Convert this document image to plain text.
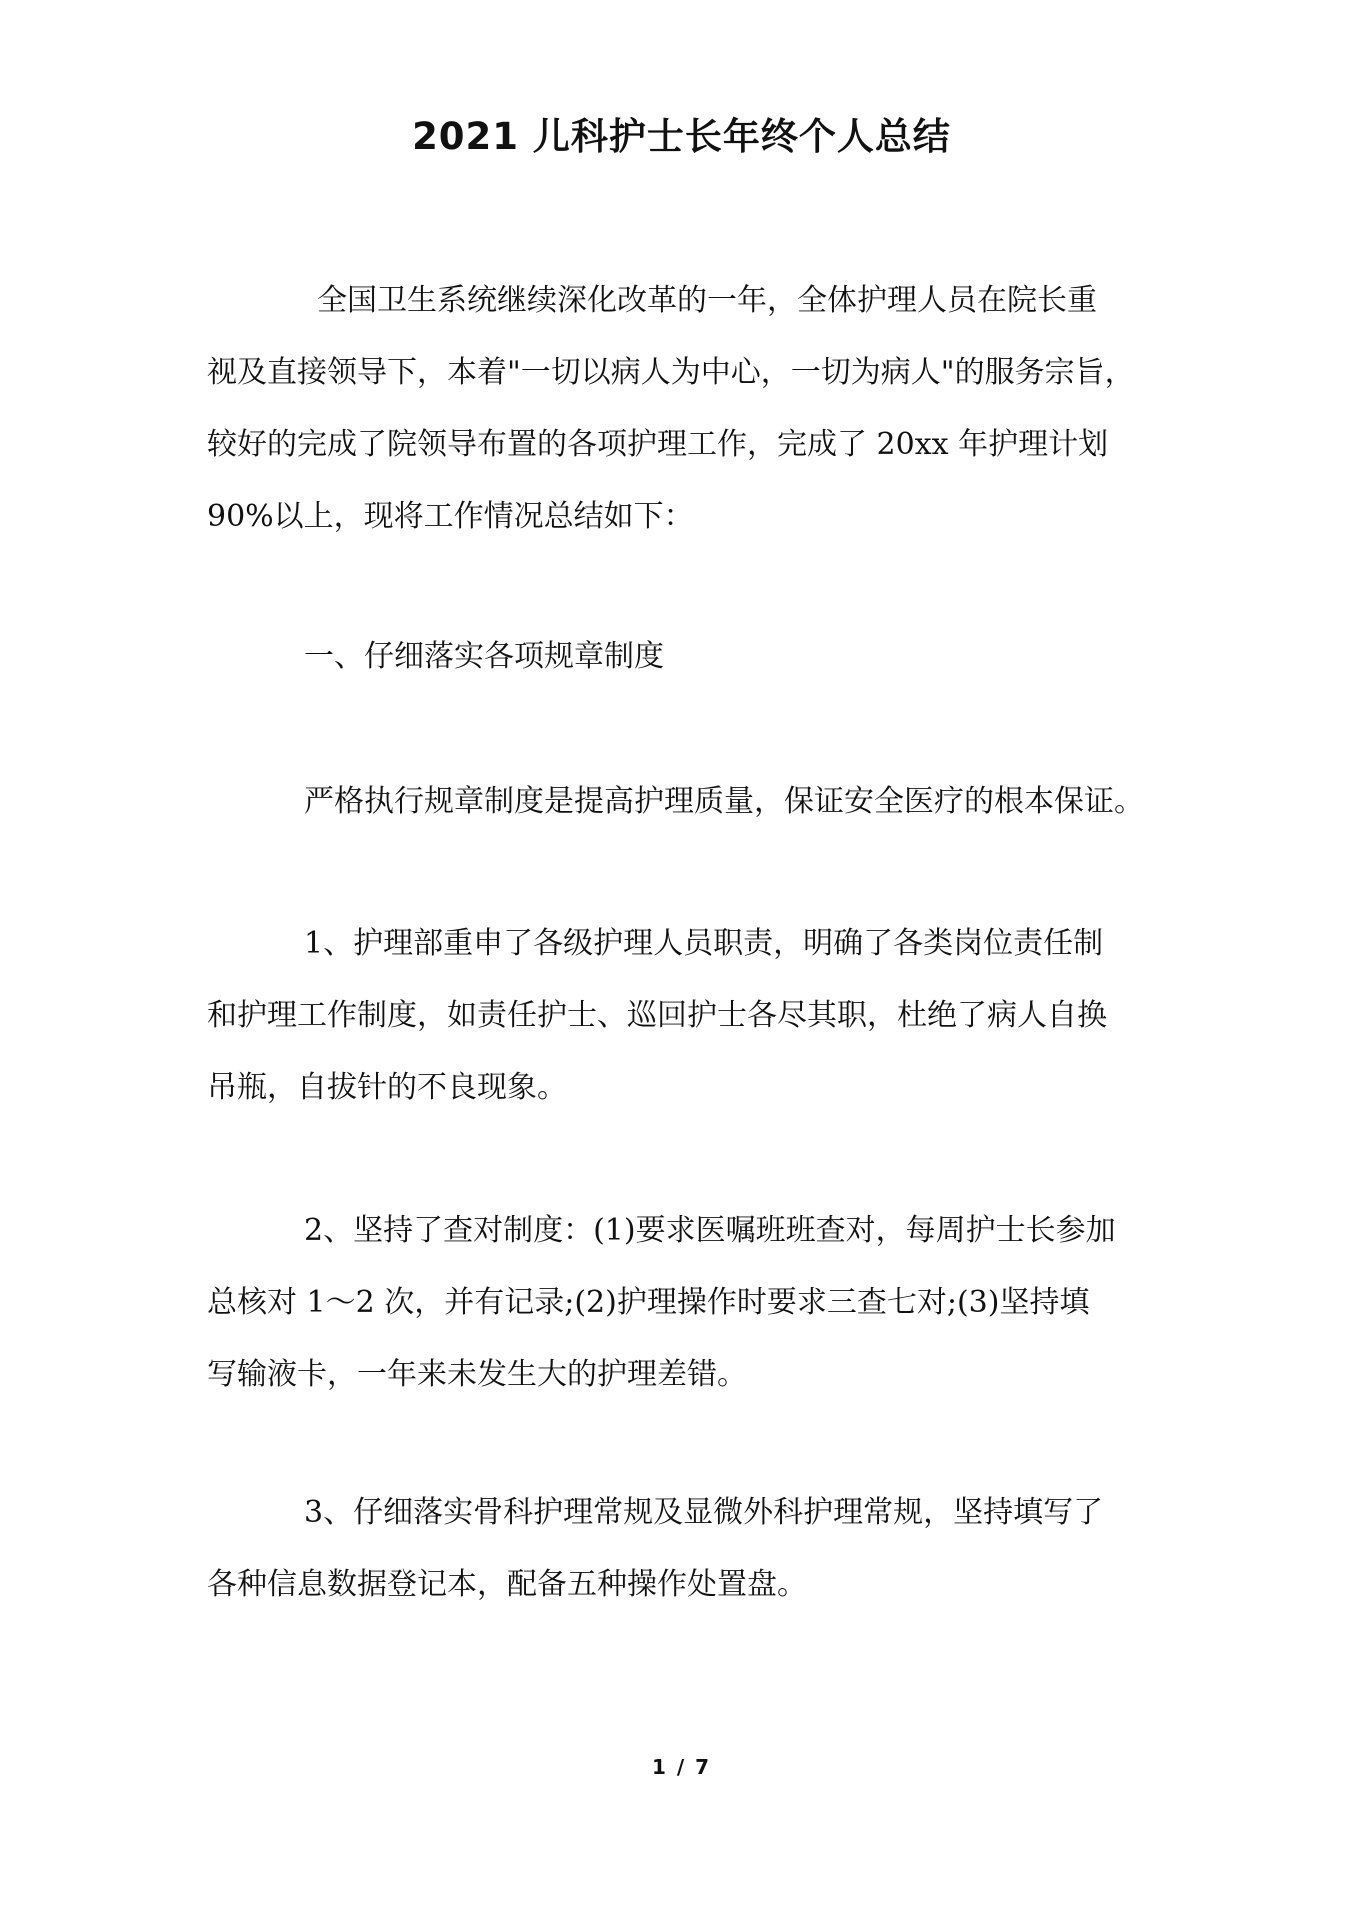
2021 儿科护士长年终个人总结
全国卫生系统继续深化改革的一年，全体护理人员在院长重
视及直接领导下，本着"一切以病人为中心，一切为病人"的服务宗旨，
较好的完成了院领导布置的各项护理工作，完成了 20xx 年护理计划
90%以上，现将工作情况总结如下：
一、仔细落实各项规章制度
严格执行规章制度是提高护理质量，保证安全医疗的根本保证。
1、护理部重申了各级护理人员职责，明确了各类岗位责任制
和护理工作制度，如责任护士、巡回护士各尽其职，杜绝了病人自换
吊瓶，自拔针的不良现象。
2、坚持了查对制度：(1)要求医嘱班班查对，每周护士长参加
总核对 1～2 次，并有记录;(2)护理操作时要求三查七对;(3)坚持填
写输液卡，一年来未发生大的护理差错。
3、仔细落实骨科护理常规及显微外科护理常规，坚持填写了
各种信息数据登记本，配备五种操作处置盘。
1 / 7
